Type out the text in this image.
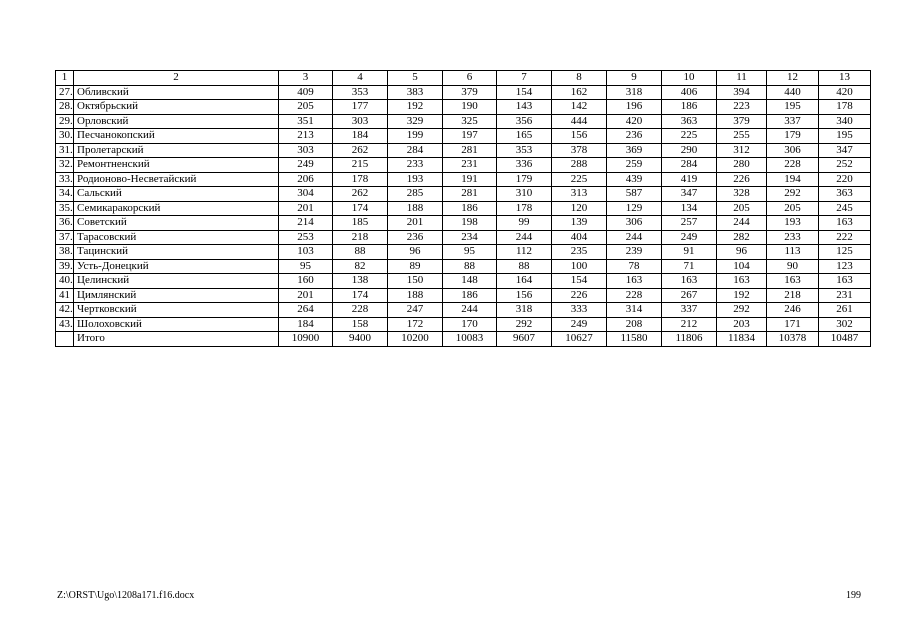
1	2	3	4	5	6	7	8	9	10	11	12	13
27.	Обливский	409	353	383	379	154	162	318	406	394	440	420
28.	Октябрьский	205	177	192	190	143	142	196	186	223	195	178
29.	Орловский	351	303	329	325	356	444	420	363	379	337	340
30.	Песчанокопский	213	184	199	197	165	156	236	225	255	179	195
31.	Пролетарский	303	262	284	281	353	378	369	290	312	306	347
32.	Ремонтненский	249	215	233	231	336	288	259	284	280	228	252
33.	Родионово-Несветайский	206	178	193	191	179	225	439	419	226	194	220
34.	Сальский	304	262	285	281	310	313	587	347	328	292	363
35.	Семикаракорский	201	174	188	186	178	120	129	134	205	205	245
36.	Советский	214	185	201	198	99	139	306	257	244	193	163
37.	Тарасовский	253	218	236	234	244	404	244	249	282	233	222
38.	Тацинский	103	88	96	95	112	235	239	91	96	113	125
39.	Усть-Донецкий	95	82	89	88	88	100	78	71	104	90	123
40.	Целинский	160	138	150	148	164	154	163	163	163	163	163
41	Цимлянский	201	174	188	186	156	226	228	267	192	218	231
42.	Чертковский	264	228	247	244	318	333	314	337	292	246	261
43.	Шолоховский	184	158	172	170	292	249	208	212	203	171	302
	Итого	10900	9400	10200	10083	9607	10627	11580	11806	11834	10378	10487
Z:\ORST\Ugo\1208a171.f16.docx	199
